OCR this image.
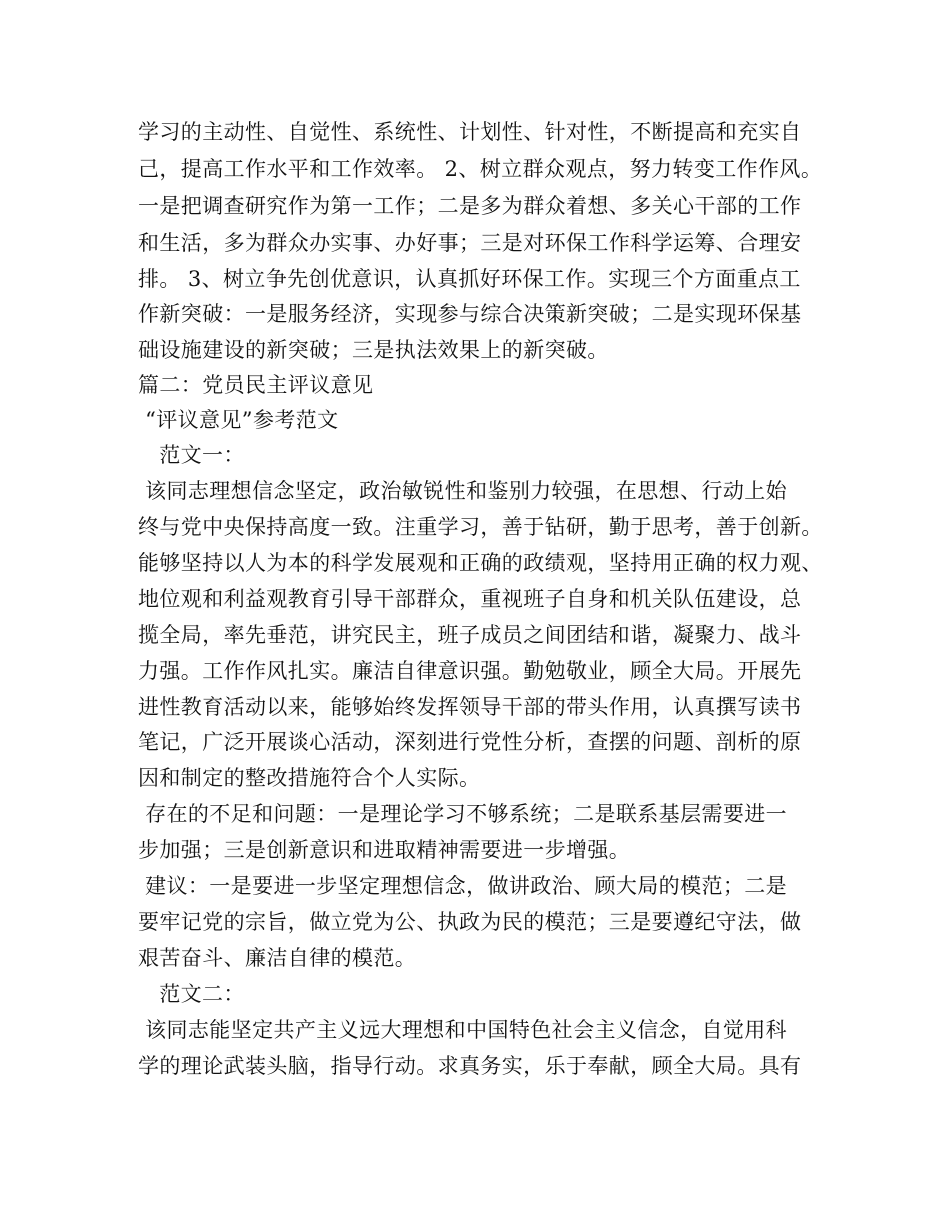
学习的主动性、自觉性、系统性、计划性、针对性，不断提高和充实自
己，提高工作水平和工作效率。 2、树立群众观点，努力转变工作作风。
一是把调查研究作为第一工作；二是多为群众着想、多关心干部的工作
和生活，多为群众办实事、办好事；三是对环保工作科学运筹、合理安
排。 3、树立争先创优意识，认真抓好环保工作。实现三个方面重点工
作新突破：一是服务经济，实现参与综合决策新突破；二是实现环保基
础设施建设的新突破；三是执法效果上的新突破。
篇二：党员民主评议意见
“评议意见”参考范文
范文一：
该同志理想信念坚定，政治敏锐性和鉴别力较强，在思想、行动上始
终与党中央保持高度一致。注重学习，善于钻研，勤于思考，善于创新。
能够坚持以人为本的科学发展观和正确的政绩观，坚持用正确的权力观、
地位观和利益观教育引导干部群众，重视班子自身和机关队伍建设，总
揽全局，率先垂范，讲究民主，班子成员之间团结和谐，凝聚力、战斗
力强。工作作风扎实。廉洁自律意识强。勤勉敬业，顾全大局。开展先
进性教育活动以来，能够始终发挥领导干部的带头作用，认真撰写读书
笔记，广泛开展谈心活动，深刻进行党性分析，查摆的问题、剖析的原
因和制定的整改措施符合个人实际。
存在的不足和问题：一是理论学习不够系统；二是联系基层需要进一
步加强；三是创新意识和进取精神需要进一步增强。
建议：一是要进一步坚定理想信念，做讲政治、顾大局的模范；二是
要牢记党的宗旨，做立党为公、执政为民的模范；三是要遵纪守法，做
艰苦奋斗、廉洁自律的模范。
范文二：
该同志能坚定共产主义远大理想和中国特色社会主义信念，自觉用科
学的理论武装头脑，指导行动。求真务实，乐于奉献，顾全大局。具有
